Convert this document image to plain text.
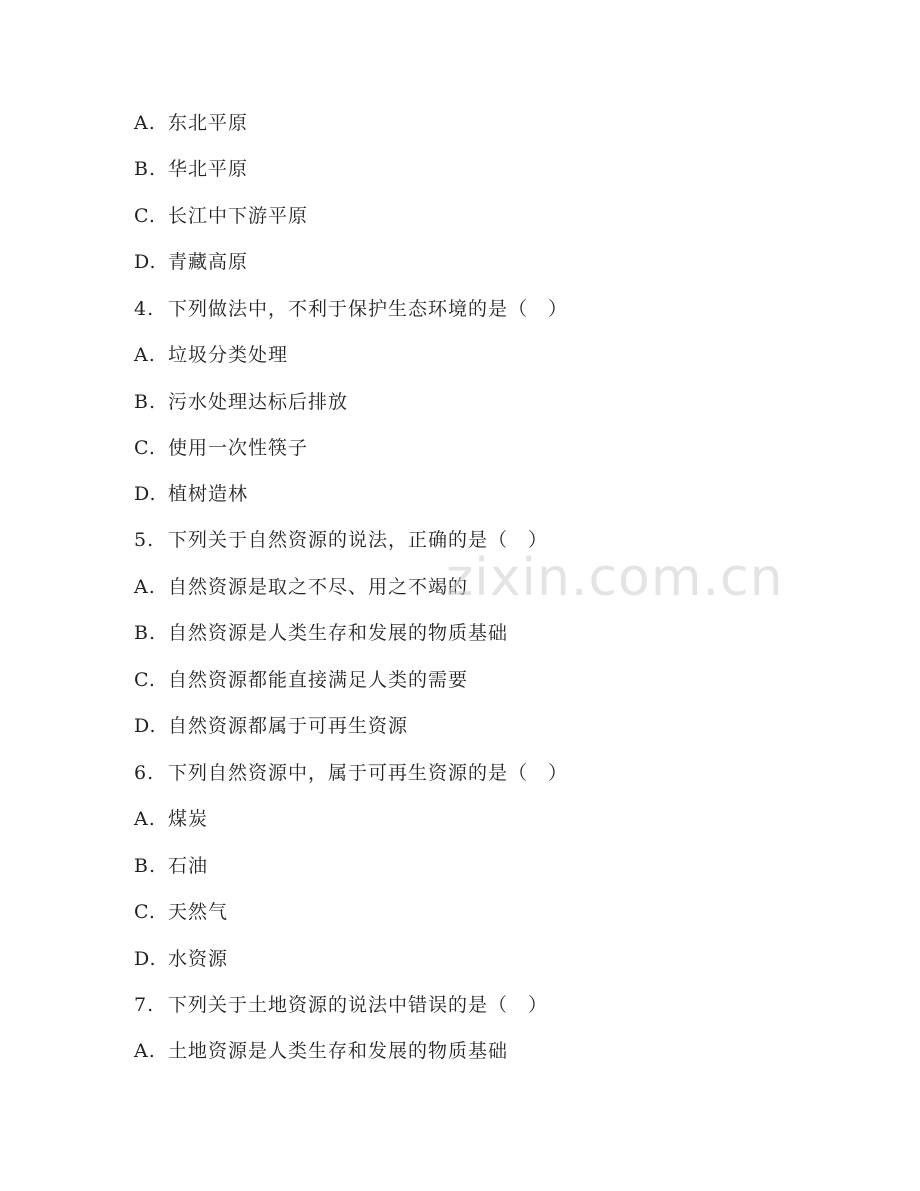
A. 东北平原
B. 华北平原
C. 长江中下游平原
D. 青藏高原
4. 下列做法中，不利于保护生态环境的是（　）
A. 垃圾分类处理
B. 污水处理达标后排放
C. 使用一次性筷子
D. 植树造林
5. 下列关于自然资源的说法，正确的是（　）
A. 自然资源是取之不尽、用之不竭的
B. 自然资源是人类生存和发展的物质基础
C. 自然资源都能直接满足人类的需要
D. 自然资源都属于可再生资源
6. 下列自然资源中，属于可再生资源的是（　）
A. 煤炭
B. 石油
C. 天然气
D. 水资源
7. 下列关于土地资源的说法中错误的是（　）
A. 土地资源是人类生存和发展的物质基础
zixin.com.cn
